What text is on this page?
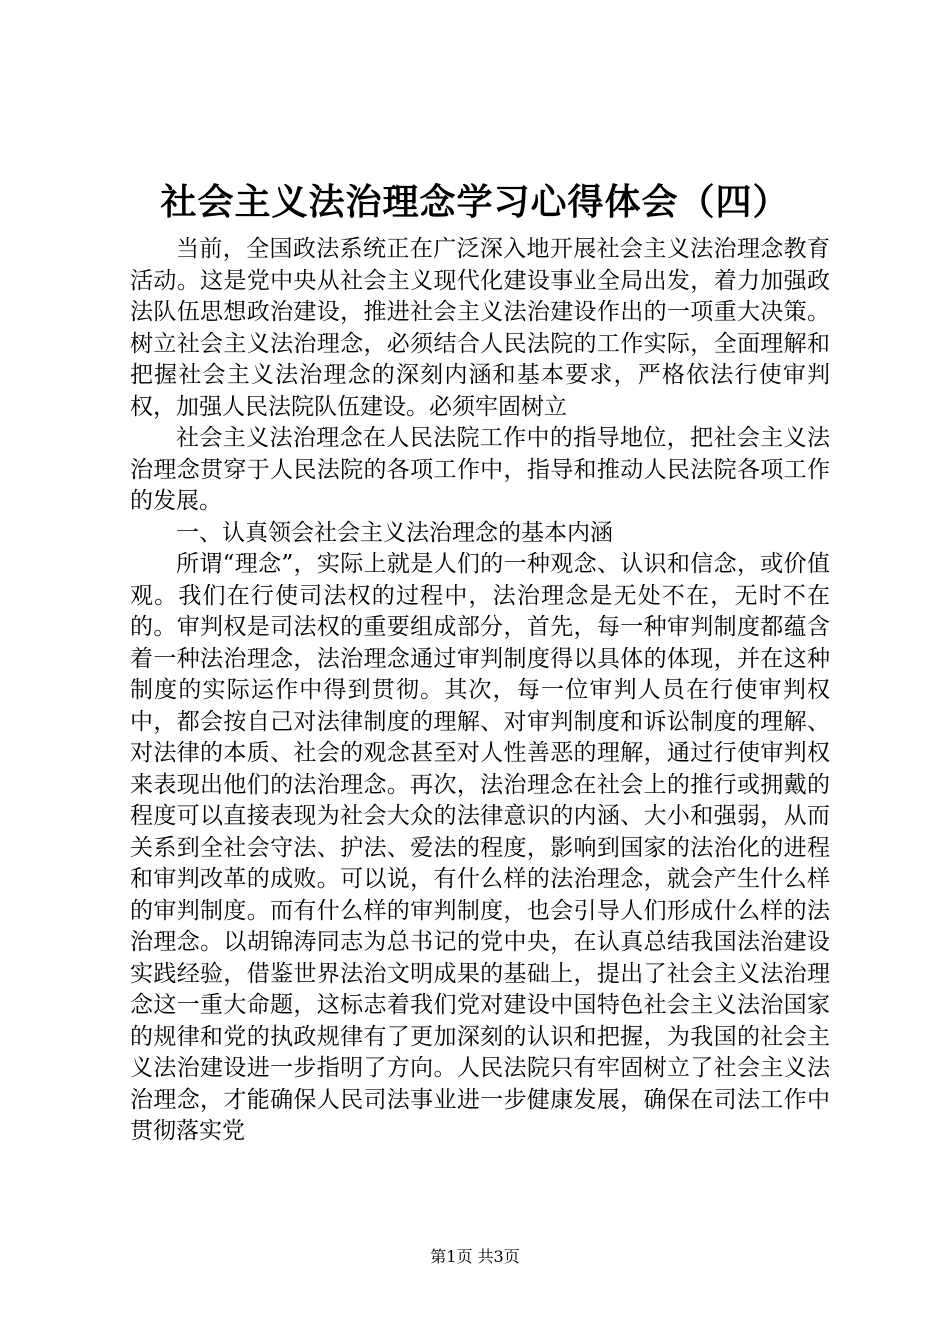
社会主义法治理念学习心得体会（四）

当前，全国政法系统正在广泛深入地开展社会主义法治理念教育活动。这是党中央从社会主义现代化建设事业全局出发，着力加强政法队伍思想政治建设，推进社会主义法治建设作出的一项重大决策。树立社会主义法治理念，必须结合人民法院的工作实际，全面理解和把握社会主义法治理念的深刻内涵和基本要求，严格依法行使审判权，加强人民法院队伍建设。必须牢固树立

社会主义法治理念在人民法院工作中的指导地位，把社会主义法治理念贯穿于人民法院的各项工作中，指导和推动人民法院各项工作的发展。

一、认真领会社会主义法治理念的基本内涵

所谓“理念”，实际上就是人们的一种观念、认识和信念，或价值观。我们在行使司法权的过程中，法治理念是无处不在，无时不在的。审判权是司法权的重要组成部分，首先，每一种审判制度都蕴含着一种法治理念，法治理念通过审判制度得以具体的体现，并在这种制度的实际运作中得到贯彻。其次，每一位审判人员在行使审判权中，都会按自己对法律制度的理解、对审判制度和诉讼制度的理解、对法律的本质、社会的观念甚至对人性善恶的理解，通过行使审判权来表现出他们的法治理念。再次，法治理念在社会上的推行或拥戴的程度可以直接表现为社会大众的法律意识的内涵、大小和强弱，从而关系到全社会守法、护法、爱法的程度，影响到国家的法治化的进程和审判改革的成败。可以说，有什么样的法治理念，就会产生什么样的审判制度。而有什么样的审判制度，也会引导人们形成什么样的法治理念。以胡锦涛同志为总书记的党中央，在认真总结我国法治建设实践经验，借鉴世界法治文明成果的基础上，提出了社会主义法治理念这一重大命题，这标志着我们党对建设中国特色社会主义法治国家的规律和党的执政规律有了更加深刻的认识和把握，为我国的社会主义法治建设进一步指明了方向。人民法院只有牢固树立了社会主义法治理念，才能确保人民司法事业进一步健康发展，确保在司法工作中贯彻落实党

第1页 共3页
